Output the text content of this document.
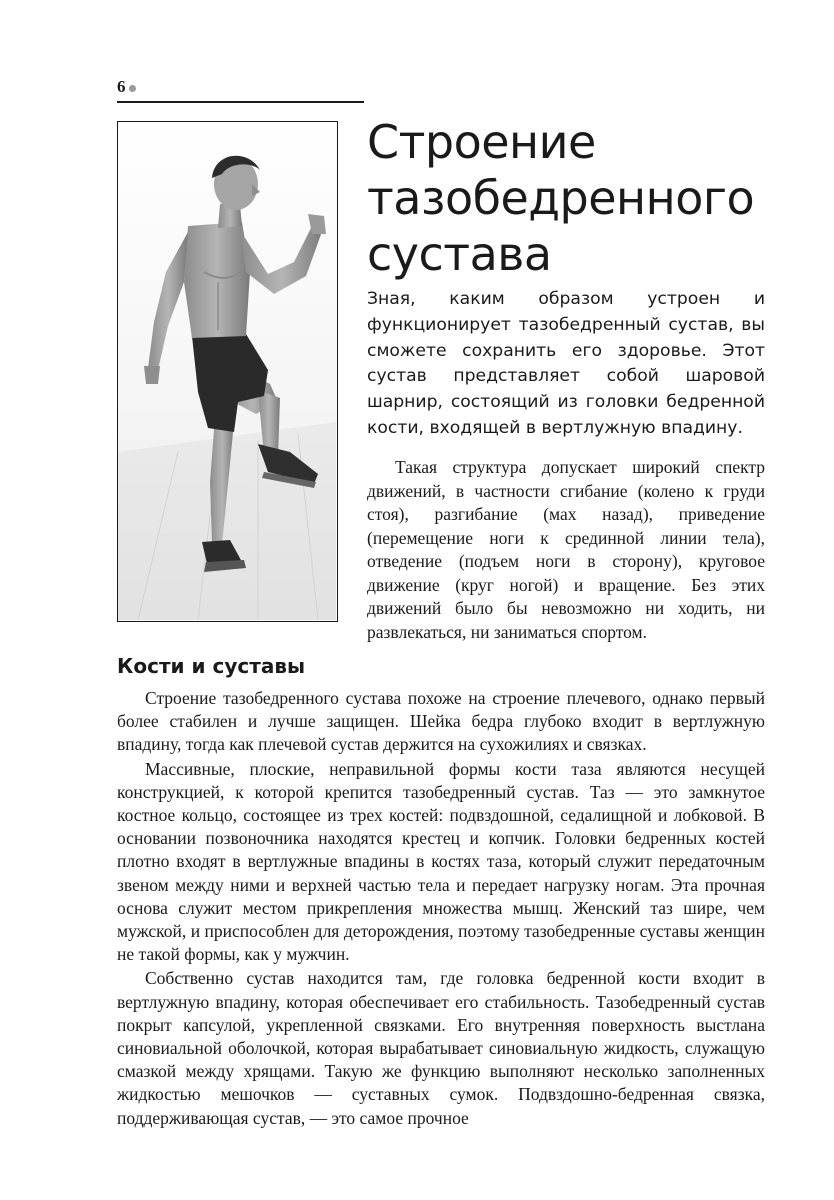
6
Строение тазобедренного сустава

Зная, каким образом устроен и функционирует тазобедренный сустав, вы сможете сохранить его здоровье. Этот сустав представляет собой шаровой шарнир, состоящий из головки бедренной кости, входящей в вертлужную впадину.

Такая структура допускает широкий спектр движений, в частности сгибание (колено к груди стоя), разгибание (мах назад), приведение (перемещение ноги к срединной линии тела), отведение (подъем ноги в сторону), круговое движение (круг ногой) и вращение. Без этих движений было бы невозможно ни ходить, ни развлекаться, ни заниматься спортом.

Кости и суставы

Строение тазобедренного сустава похоже на строение плечевого, однако первый более стабилен и лучше защищен. Шейка бедра глубоко входит в вертлужную впадину, тогда как плечевой сустав держится на сухожилиях и связках.

Массивные, плоские, неправильной формы кости таза являются несущей конструкцией, к которой крепится тазобедренный сустав. Таз — это замкнутое костное кольцо, состоящее из трех костей: подвздошной, седалищной и лобковой. В основании позвоночника находятся крестец и копчик. Головки бедренных костей плотно входят в вертлужные впадины в костях таза, который служит передаточным звеном между ними и верхней частью тела и передает нагрузку ногам. Эта прочная основа служит местом прикрепления множества мышц. Женский таз шире, чем мужской, и приспособлен для деторождения, поэтому тазобедренные суставы женщин не такой формы, как у мужчин.

Собственно сустав находится там, где головка бедренной кости входит в вертлужную впадину, которая обеспечивает его стабильность. Тазобедренный сустав покрыт капсулой, укрепленной связками. Его внутренняя поверхность выстлана синовиальной оболочкой, которая вырабатывает синовиальную жидкость, служащую смазкой между хрящами. Такую же функцию выполняют несколько заполненных жидкостью мешочков — суставных сумок. Подвздошно-бедренная связка, поддерживающая сустав, — это самое прочное
